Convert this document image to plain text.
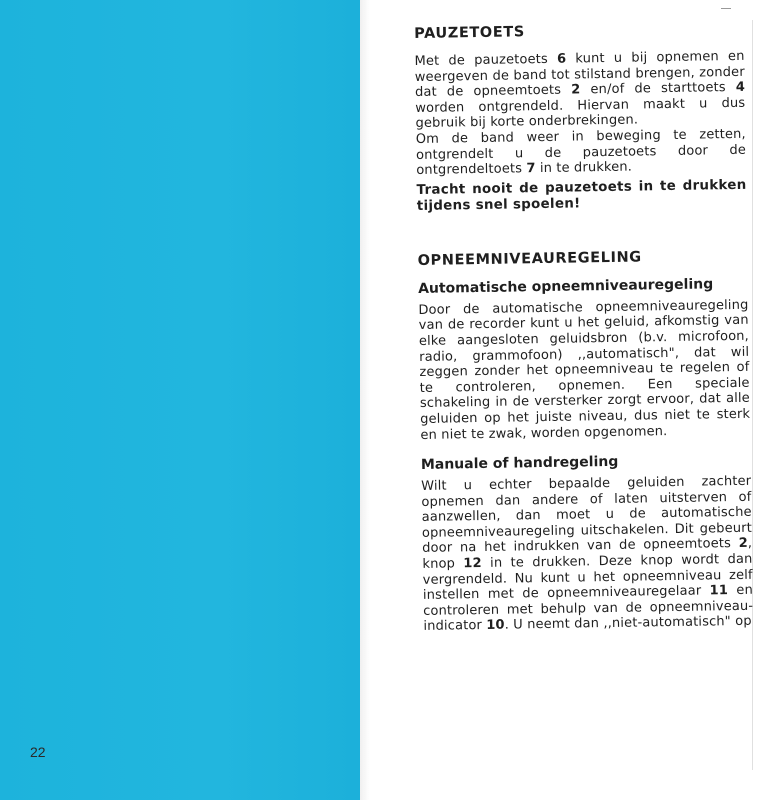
22
PAUZETOETS

Met de pauzetoets 6 kunt u bij opnemen en weergeven de band tot stilstand brengen, zonder dat de opneemtoets 2 en/of de starttoets 4 worden ontgrendeld. Hiervan maakt u dus gebruik bij korte onderbrekingen.

Om de band weer in beweging te zetten, ontgrendelt u de pauzetoets door de ontgrendeltoets 7 in te drukken.

Tracht nooit de pauzetoets in te drukken tijdens snel spoelen!

OPNEEMNIVEAUREGELING
Automatische opneemniveauregeling

Door de automatische opneemniveauregeling van de recorder kunt u het geluid, afkomstig van elke aangesloten geluidsbron (b.v. microfoon, radio, grammofoon) ,,automatisch", dat wil zeggen zonder het opneemniveau te regelen of te controleren, opnemen. Een speciale schakeling in de versterker zorgt ervoor, dat alle geluiden op het juiste niveau, dus niet te sterk en niet te zwak, worden opgenomen.

Manuale of handregeling

Wilt u echter bepaalde geluiden zachter opnemen dan andere of laten uitsterven of aanzwellen, dan moet u de automatische opneemniveauregeling uitschakelen. Dit gebeurt door na het indrukken van de opneemtoets 2, knop 12 in te drukken. Deze knop wordt dan vergrendeld. Nu kunt u het opneemniveau zelf instellen met de opneemniveauregelaar 11 en controleren met behulp van de opneemniveau-indicator 10. U neemt dan ,,niet-automatisch" op
